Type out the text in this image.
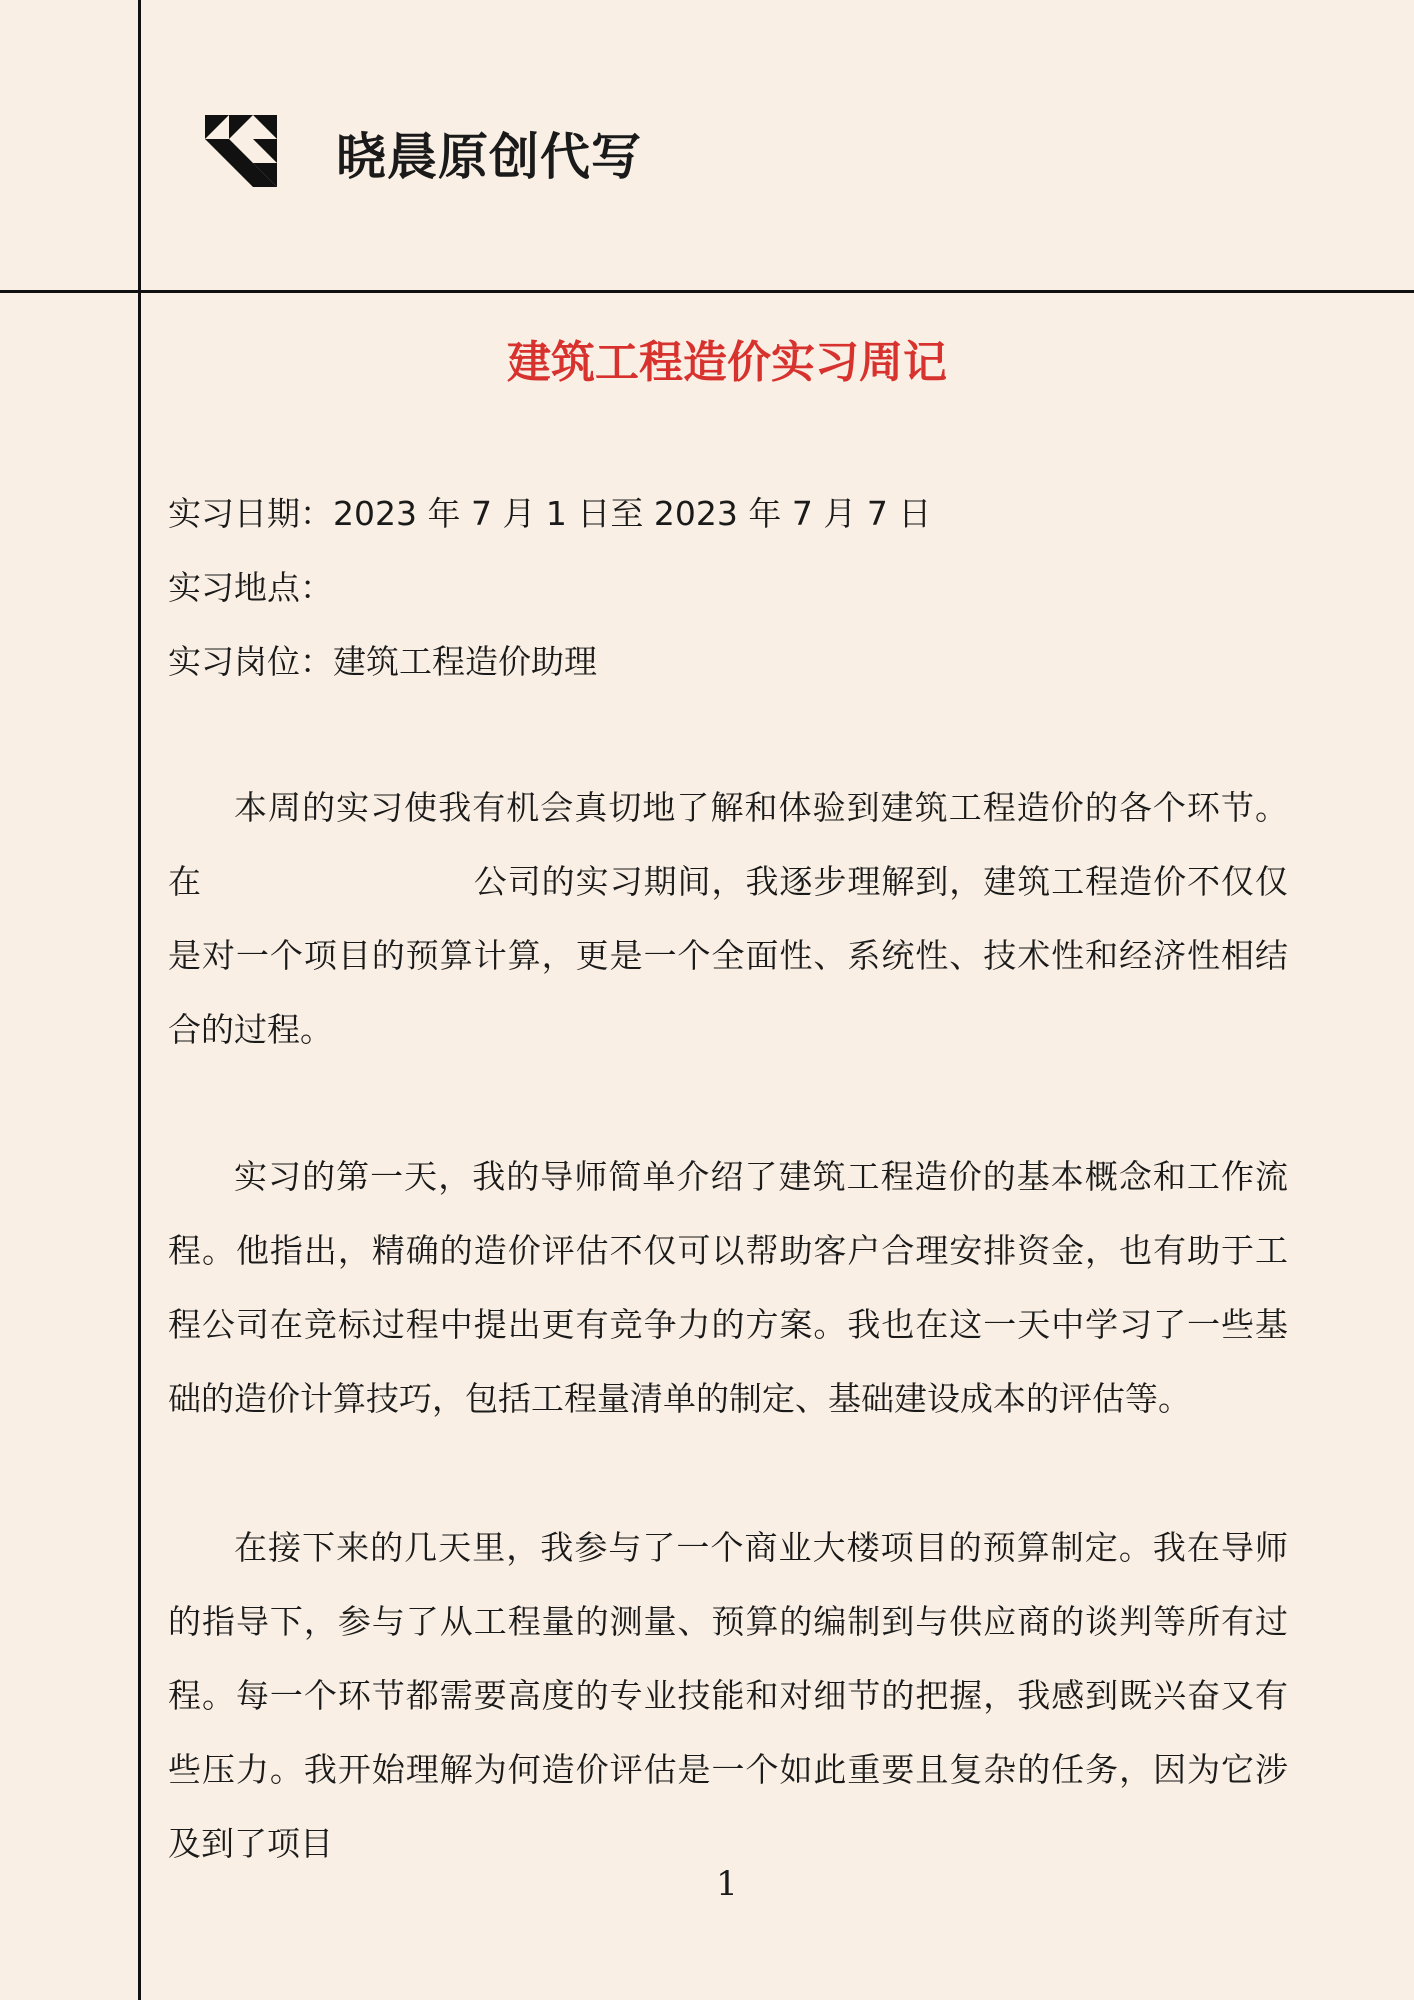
晓晨原创代写
建筑工程造价实习周记
实习日期：2023 年 7 月 1 日至 2023 年 7 月 7 日
实习地点：
实习岗位：建筑工程造价助理

本周的实习使我有机会真切地了解和体验到建筑工程造价的各个环节。在　　　　　　　　公司的实习期间，我逐步理解到，建筑工程造价不仅仅是对一个项目的预算计算，更是一个全面性、系统性、技术性和经济性相结合的过程。

实习的第一天，我的导师简单介绍了建筑工程造价的基本概念和工作流程。他指出，精确的造价评估不仅可以帮助客户合理安排资金，也有助于工程公司在竞标过程中提出更有竞争力的方案。我也在这一天中学习了一些基础的造价计算技巧，包括工程量清单的制定、基础建设成本的评估等。

在接下来的几天里，我参与了一个商业大楼项目的预算制定。我在导师的指导下，参与了从工程量的测量、预算的编制到与供应商的谈判等所有过程。每一个环节都需要高度的专业技能和对细节的把握，我感到既兴奋又有些压力。我开始理解为何造价评估是一个如此重要且复杂的任务，因为它涉及到了项目

1
